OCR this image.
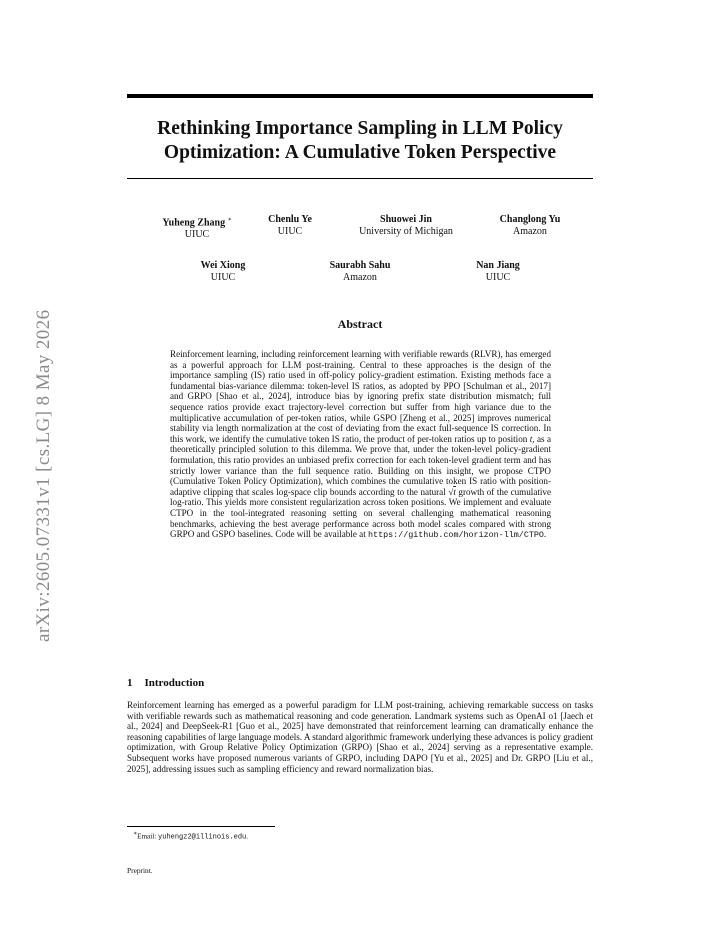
arXiv:2605.07331v1 [cs.LG] 8 May 2026
Rethinking Importance Sampling in LLM Policy
Optimization: A Cumulative Token Perspective
Yuheng Zhang ∗
UIUC
Chenlu Ye
UIUC
Shuowei Jin
University of Michigan
Changlong Yu
Amazon
Wei Xiong
UIUC
Saurabh Sahu
Amazon
Nan Jiang
UIUC
Abstract

Reinforcement learning, including reinforcement learning with verifiable rewards (RLVR), has emerged as a powerful approach for LLM post-training. Central to these approaches is the design of the importance sampling (IS) ratio used in off-policy policy-gradient estimation. Existing methods face a fundamental bias-variance dilemma: token-level IS ratios, as adopted by PPO [Schulman et al., 2017] and GRPO [Shao et al., 2024], introduce bias by ignoring prefix state distribution mismatch; full sequence ratios provide exact trajectory-level correction but suffer from high variance due to the multiplicative accumulation of per-token ratios, while GSPO [Zheng et al., 2025] improves numerical stability via length normalization at the cost of deviating from the exact full-sequence IS correction. In this work, we identify the cumulative token IS ratio, the product of per-token ratios up to position t, as a theoretically principled solution to this dilemma. We prove that, under the token-level policy-gradient formulation, this ratio provides an unbiased prefix correction for each token-level gradient term and has strictly lower variance than the full sequence ratio. Building on this insight, we propose CTPO (Cumulative Token Policy Optimization), which combines the cumulative token IS ratio with position-adaptive clipping that scales log-space clip bounds according to the natural √t growth of the cumulative log-ratio. This yields more consistent regularization across token positions. We implement and evaluate CTPO in the tool-integrated reasoning setting on several challenging mathematical reasoning benchmarks, achieving the best average performance across both model scales compared with strong GRPO and GSPO baselines. Code will be available at https://github.com/horizon-llm/CTPO.

1 Introduction

Reinforcement learning has emerged as a powerful paradigm for LLM post-training, achieving remarkable success on tasks with verifiable rewards such as mathematical reasoning and code generation. Landmark systems such as OpenAI o1 [Jaech et al., 2024] and DeepSeek-R1 [Guo et al., 2025] have demonstrated that reinforcement learning can dramatically enhance the reasoning capabilities of large language models. A standard algorithmic framework underlying these advances is policy gradient optimization, with Group Relative Policy Optimization (GRPO) [Shao et al., 2024] serving as a representative example. Subsequent works have proposed numerous variants of GRPO, including DAPO [Yu et al., 2025] and Dr. GRPO [Liu et al., 2025], addressing issues such as sampling efficiency and reward normalization bias.

∗Email: yuhengz2@illinois.edu.
Preprint.
